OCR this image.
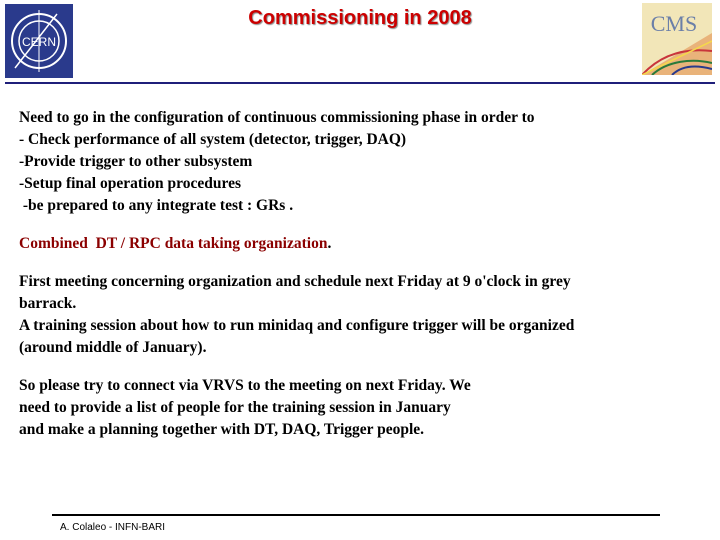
CERN
Commissioning in 2008	CMS
Need to go in the configuration of continuous commissioning phase in order to
- Check performance of all system (detector, trigger, DAQ)
-Provide trigger to other subsystem
-Setup final operation procedures
-be prepared to any integrate test : GRs .
Combined  DT / RPC data taking organization.
First meeting concerning organization and schedule next Friday at 9 o'clock in grey
barrack.
A training session about how to run minidaq and configure trigger will be organized
(around middle of January).
So please try to connect via VRVS to the meeting on next Friday. We
need to provide a list of people for the training session in January
and make a planning together with DT, DAQ, Trigger people.
A. Colaleo - INFN-BARI
